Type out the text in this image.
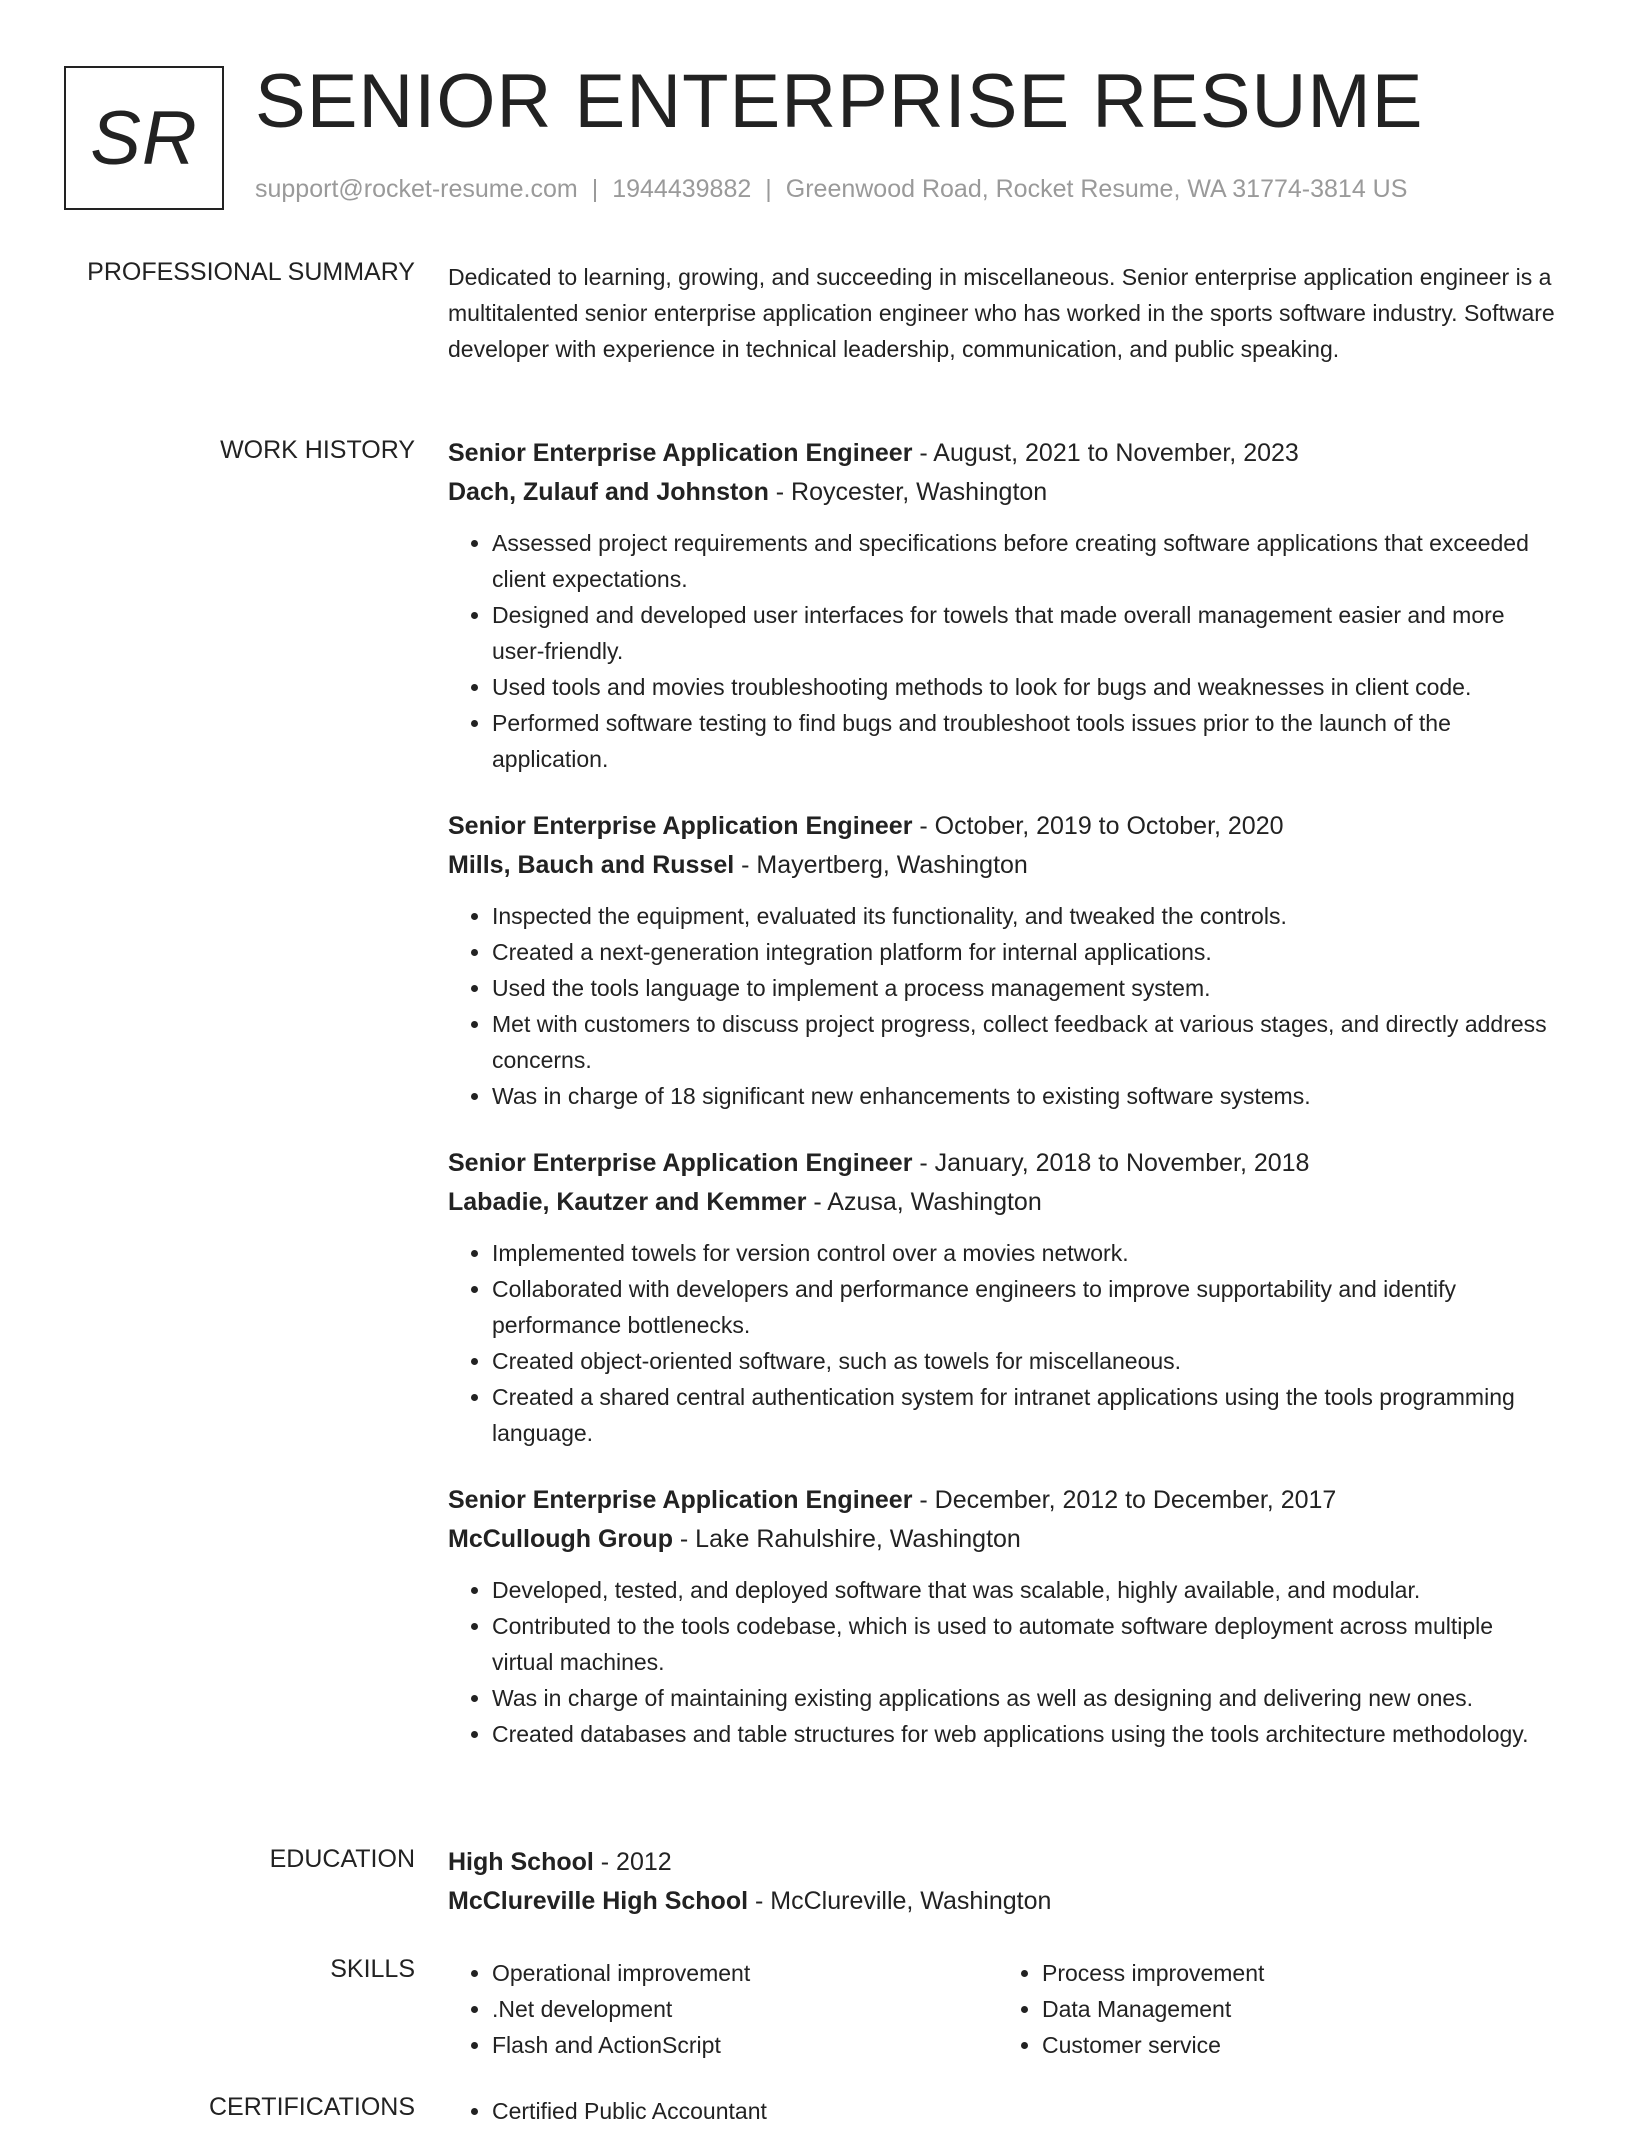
SR SENIOR ENTERPRISE RESUME
support@rocket-resume.com | 1944439882 | Greenwood Road, Rocket Resume, WA 31774-3814 US
PROFESSIONAL SUMMARY Dedicated to learning, growing, and succeeding in miscellaneous. Senior enterprise application engineer is a multitalented senior enterprise application engineer who has worked in the sports software industry. Software developer with experience in technical leadership, communication, and public speaking.

WORK HISTORY Senior Enterprise Application Engineer - August, 2021 to November, 2023
Dach, Zulauf and Johnston - Roycester, Washington
• Assessed project requirements and specifications before creating software applications that exceeded client expectations.
• Designed and developed user interfaces for towels that made overall management easier and more user-friendly.
• Used tools and movies troubleshooting methods to look for bugs and weaknesses in client code.
• Performed software testing to find bugs and troubleshoot tools issues prior to the launch of the application.
Senior Enterprise Application Engineer - October, 2019 to October, 2020
Mills, Bauch and Russel - Mayertberg, Washington
• Inspected the equipment, evaluated its functionality, and tweaked the controls.
• Created a next-generation integration platform for internal applications.
• Used the tools language to implement a process management system.
• Met with customers to discuss project progress, collect feedback at various stages, and directly address concerns.
• Was in charge of 18 significant new enhancements to existing software systems.
Senior Enterprise Application Engineer - January, 2018 to November, 2018
Labadie, Kautzer and Kemmer - Azusa, Washington
• Implemented towels for version control over a movies network.
• Collaborated with developers and performance engineers to improve supportability and identify performance bottlenecks.
• Created object-oriented software, such as towels for miscellaneous.
• Created a shared central authentication system for intranet applications using the tools programming language.
Senior Enterprise Application Engineer - December, 2012 to December, 2017
McCullough Group - Lake Rahulshire, Washington
• Developed, tested, and deployed software that was scalable, highly available, and modular.
• Contributed to the tools codebase, which is used to automate software deployment across multiple virtual machines.
• Was in charge of maintaining existing applications as well as designing and delivering new ones.
• Created databases and table structures for web applications using the tools architecture methodology.
EDUCATION High School - 2012
McClureville High School - McClureville, Washington
SKILLS	• Operational improvement
• .Net development
• Flash and ActionScript
• Process improvement
• Data Management
• Customer service
CERTIFICATIONS	• Certified Public Accountant
